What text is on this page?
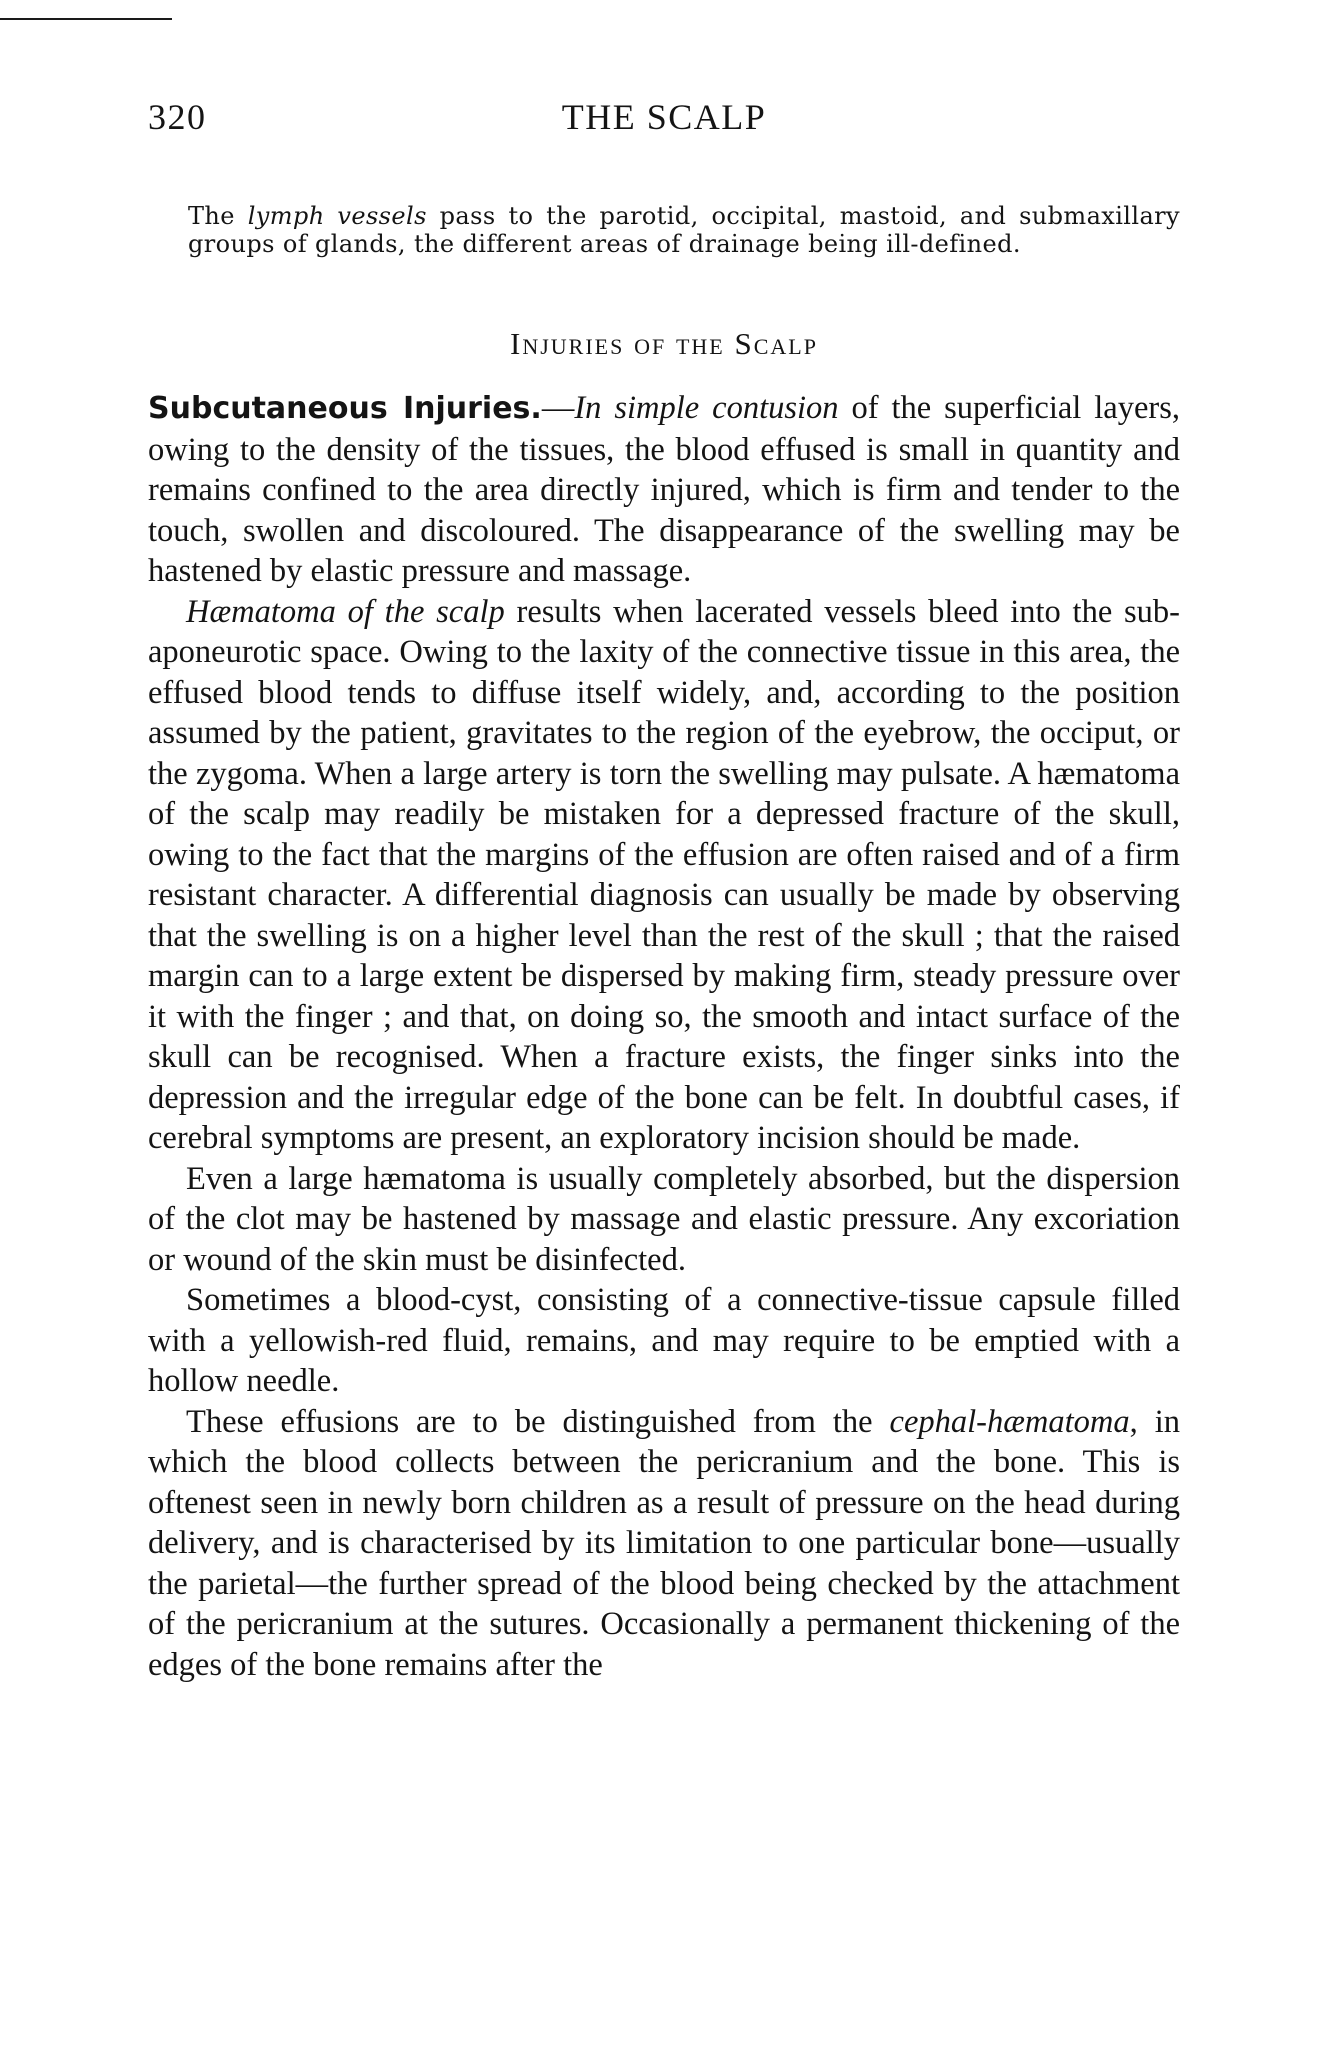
320	THE SCALP

The lymph vessels pass to the parotid, occipital, mastoid, and submaxillary groups of glands, the different areas of drainage being ill-defined.

Injuries of the Scalp

Subcutaneous Injuries.—In simple contusion of the superficial layers, owing to the density of the tissues, the blood effused is small in quantity and remains confined to the area directly injured, which is firm and tender to the touch, swollen and discoloured. The disappearance of the swelling may be hastened by elastic pressure and massage.

Hæmatoma of the scalp results when lacerated vessels bleed into the sub-aponeurotic space. Owing to the laxity of the connective tissue in this area, the effused blood tends to diffuse itself widely, and, according to the position assumed by the patient, gravitates to the region of the eyebrow, the occiput, or the zygoma. When a large artery is torn the swelling may pulsate. A hæmatoma of the scalp may readily be mistaken for a depressed fracture of the skull, owing to the fact that the margins of the effusion are often raised and of a firm resistant character. A differential diagnosis can usually be made by observing that the swelling is on a higher level than the rest of the skull ; that the raised margin can to a large extent be dispersed by making firm, steady pressure over it with the finger ; and that, on doing so, the smooth and intact surface of the skull can be recognised. When a fracture exists, the finger sinks into the depression and the irregular edge of the bone can be felt. In doubtful cases, if cerebral symptoms are present, an exploratory incision should be made.

Even a large hæmatoma is usually completely absorbed, but the dispersion of the clot may be hastened by massage and elastic pressure. Any excoriation or wound of the skin must be disinfected.

Sometimes a blood-cyst, consisting of a connective-tissue capsule filled with a yellowish-red fluid, remains, and may require to be emptied with a hollow needle.

These effusions are to be distinguished from the cephal-hæmatoma, in which the blood collects between the pericranium and the bone. This is oftenest seen in newly born children as a result of pressure on the head during delivery, and is characterised by its limitation to one particular bone—usually the parietal—the further spread of the blood being checked by the attachment of the pericranium at the sutures. Occasionally a permanent thickening of the edges of the bone remains after the
